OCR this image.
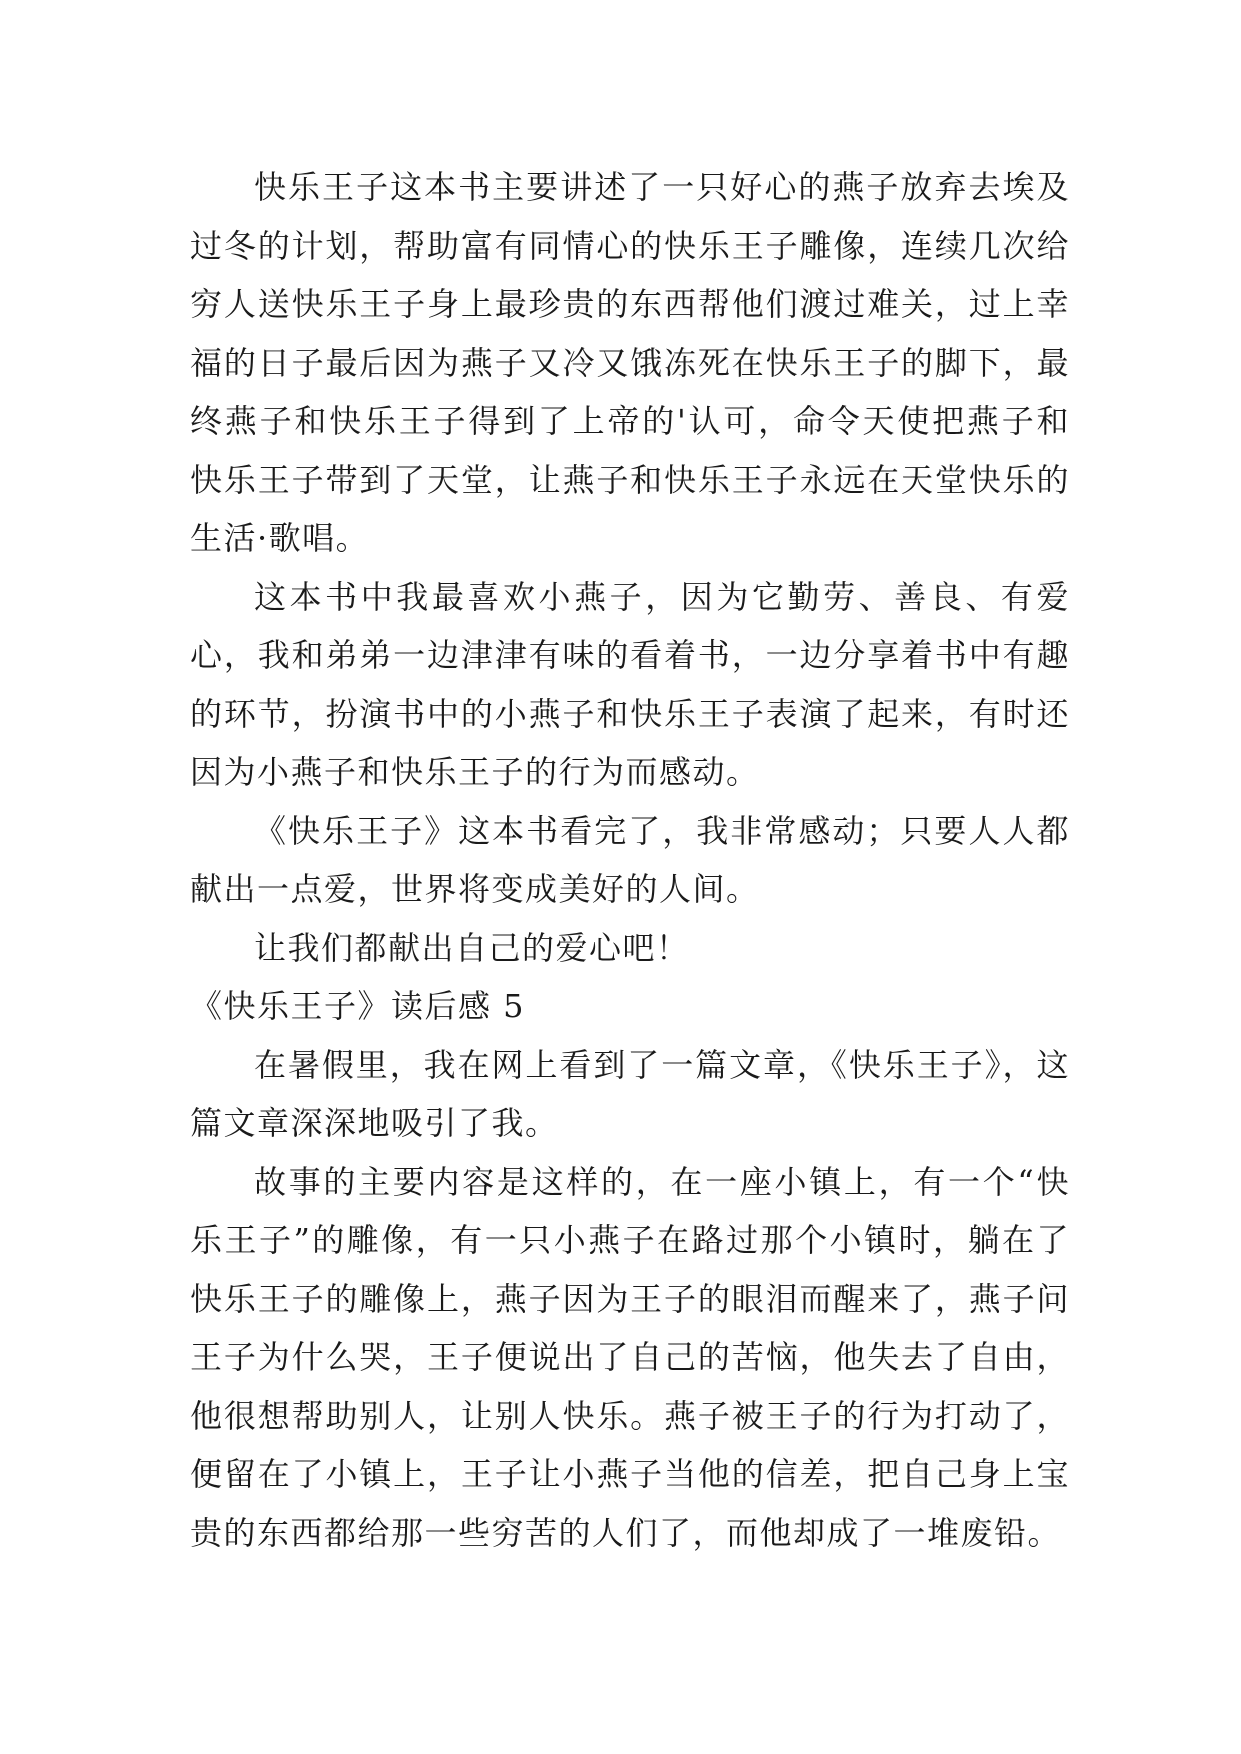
快乐王子这本书主要讲述了一只好心的燕子放弃去埃及过冬的计划，帮助富有同情心的快乐王子雕像，连续几次给穷人送快乐王子身上最珍贵的东西帮他们渡过难关，过上幸福的日子最后因为燕子又冷又饿冻死在快乐王子的脚下，最终燕子和快乐王子得到了上帝的'认可，命令天使把燕子和快乐王子带到了天堂，让燕子和快乐王子永远在天堂快乐的生活·歌唱。

这本书中我最喜欢小燕子，因为它勤劳、善良、有爱心，我和弟弟一边津津有味的看着书，一边分享着书中有趣的环节，扮演书中的小燕子和快乐王子表演了起来，有时还因为小燕子和快乐王子的行为而感动。

《快乐王子》这本书看完了，我非常感动；只要人人都献出一点爱，世界将变成美好的人间。

让我们都献出自己的爱心吧！

《快乐王子》读后感 5

在暑假里，我在网上看到了一篇文章，《快乐王子》，这篇文章深深地吸引了我。

故事的主要内容是这样的，在一座小镇上，有一个“快乐王子”的雕像，有一只小燕子在路过那个小镇时，躺在了快乐王子的雕像上，燕子因为王子的眼泪而醒来了，燕子问王子为什么哭，王子便说出了自己的苦恼，他失去了自由，他很想帮助别人，让别人快乐。燕子被王子的行为打动了，便留在了小镇上，王子让小燕子当他的信差，把自己身上宝贵的东西都给那一些穷苦的人们了，而他却成了一堆废铅。
